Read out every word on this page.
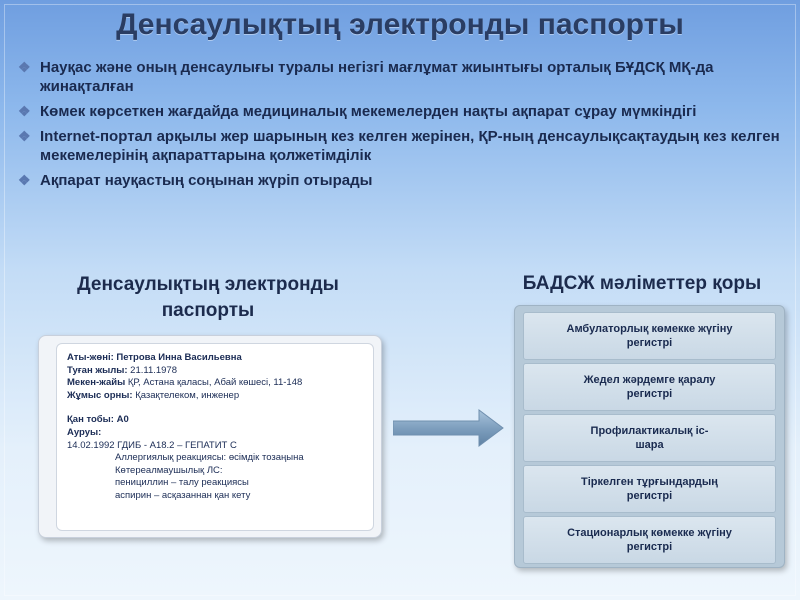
Денсаулықтың электронды паспорты
❖ Науқас және оның денсаулығы туралы негізгі мағлұмат жиынтығы орталық БҰДСҚ МҚ-да жинақталған
❖ Көмек көрсеткен жағдайда медициналық мекемелерден нақты ақпарат сұрау мүмкіндігі
❖ Internet-портал арқылы жер шарының кез келген жерінен, ҚР-ның денсаулықсақтаудың кез келген мекемелерінің ақпараттарына қолжетімділік
❖ Ақпарат науқастың соңынан жүріп отырады
Денсаулықтың электронды
паспорты
БАДСЖ мәліметтер қоры
Аты-жөні: Петрова Инна Васильевна
Туған жылы: 21.11.1978
Мекен-жайы ҚР, Астана қаласы, Абай көшесі, 11-148
Жұмыс орны: Қазақтелеком, инженер
Қан тобы: А0
Ауруы:
14.02.1992 ГДИБ - А18.2 – ГЕПАТИТ С
Аллергиялық реакциясы: өсімдік тозаңына
Көтереалмаушылық ЛС:
пенициллин – талу реакциясы
аспирин – асқазаннан қан кету
Амбулаторлық көмекке жүгіну
регистрі
Жедел жәрдемге қаралу
регистрі
Профилактикалық іс-
шара
Тіркелген тұрғындардың
регистрі
Стационарлық көмекке жүгіну
регистрі
